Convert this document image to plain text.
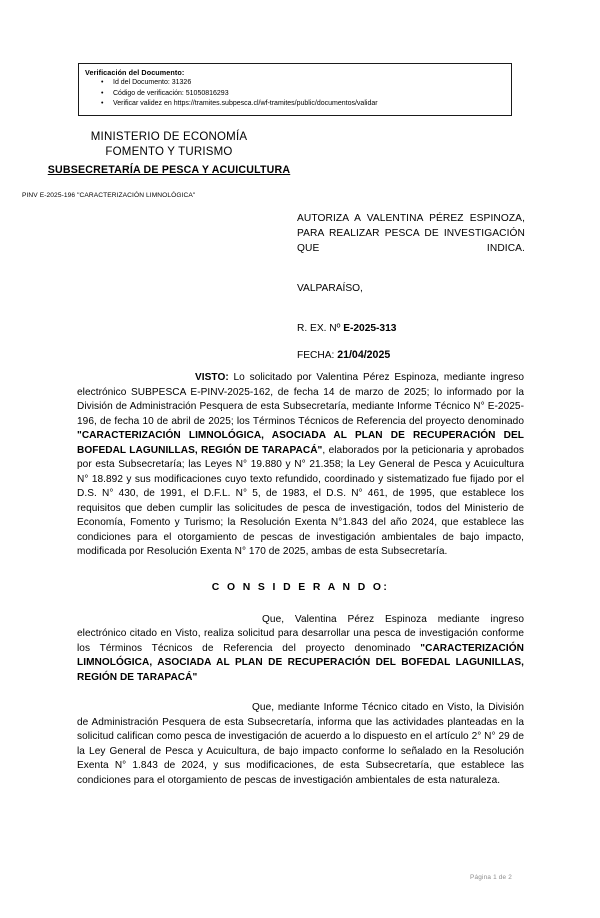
Verificación del Documento:
• Id del Documento: 31326
• Código de verificación: 51050816293
• Verificar validez en https://tramites.subpesca.cl/wf-tramites/public/documentos/validar
MINISTERIO DE ECONOMÍA
FOMENTO Y TURISMO
SUBSECRETARÍA DE PESCA Y ACUICULTURA
PINV E-2025-196 "CARACTERIZACIÓN LIMNOLÓGICA"
AUTORIZA A VALENTINA PÉREZ ESPINOZA, PARA REALIZAR PESCA DE INVESTIGACIÓN QUE INDICA.
VALPARAÍSO,
R. EX. Nº E-2025-313
FECHA: 21/04/2025

VISTO: Lo solicitado por Valentina Pérez Espinoza, mediante ingreso electrónico SUBPESCA E-PINV-2025-162, de fecha 14 de marzo de 2025; lo informado por la División de Administración Pesquera de esta Subsecretaría, mediante Informe Técnico N° E-2025-196, de fecha 10 de abril de 2025; los Términos Técnicos de Referencia del proyecto denominado "CARACTERIZACIÓN LIMNOLÓGICA, ASOCIADA AL PLAN DE RECUPERACIÓN DEL BOFEDAL LAGUNILLAS, REGIÓN DE TARAPACÁ", elaborados por la peticionaria y aprobados por esta Subsecretaría; las Leyes N° 19.880 y N° 21.358; la Ley General de Pesca y Acuicultura N° 18.892 y sus modificaciones cuyo texto refundido, coordinado y sistematizado fue fijado por el D.S. N° 430, de 1991, el D.F.L. N° 5, de 1983, el D.S. N° 461, de 1995, que establece los requisitos que deben cumplir las solicitudes de pesca de investigación, todos del Ministerio de Economía, Fomento y Turismo; la Resolución Exenta N°1.843 del año 2024, que establece las condiciones para el otorgamiento de pescas de investigación ambientales de bajo impacto, modificada por Resolución Exenta N° 170 de 2025, ambas de esta Subsecretaría.

C O N S I D E R A N D O:

Que, Valentina Pérez Espinoza mediante ingreso electrónico citado en Visto, realiza solicitud para desarrollar una pesca de investigación conforme los Términos Técnicos de Referencia del proyecto denominado "CARACTERIZACIÓN LIMNOLÓGICA, ASOCIADA AL PLAN DE RECUPERACIÓN DEL BOFEDAL LAGUNILLAS, REGIÓN DE TARAPACÁ"

Que, mediante Informe Técnico citado en Visto, la División de Administración Pesquera de esta Subsecretaría, informa que las actividades planteadas en la solicitud califican como pesca de investigación de acuerdo a lo dispuesto en el artículo 2° N° 29 de la Ley General de Pesca y Acuicultura, de bajo impacto conforme lo señalado en la Resolución Exenta N° 1.843 de 2024, y sus modificaciones, de esta Subsecretaría, que establece las condiciones para el otorgamiento de pescas de investigación ambientales de esta naturaleza.

Página 1 de 2
